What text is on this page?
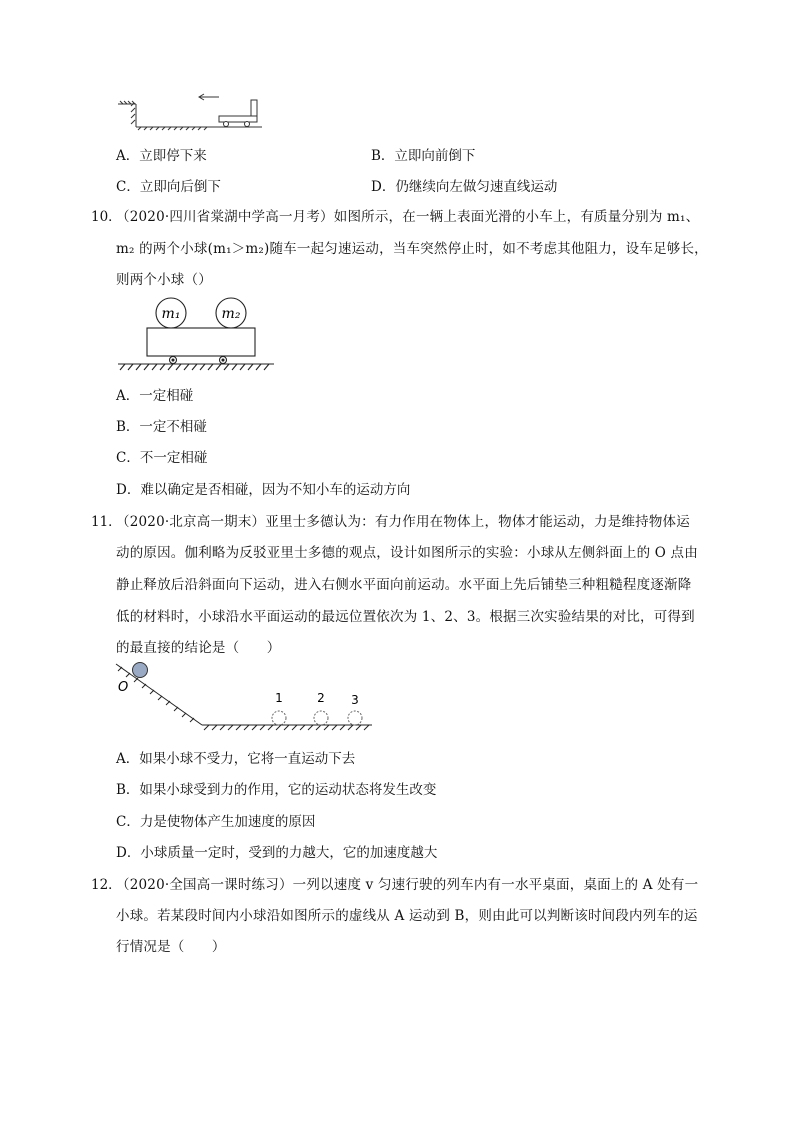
A．立即停下来	B．立即向前倒下
C．立即向后倒下	D．仍继续向左做匀速直线运动
10．
（2020·四川省棠湖中学高一月考）如图所示，在一辆上表面光滑的小车上，有质量分别为 m₁、
m₂ 的两个小球(m₁＞m₂)随车一起匀速运动，当车突然停止时，如不考虑其他阻力，设车足够长，
则两个小球（）
m₁	m₂
A．一定相碰
B．一定不相碰
C．不一定相碰
D．难以确定是否相碰，因为不知小车的运动方向
11．
（2020·北京高一期末）亚里士多德认为：有力作用在物体上，物体才能运动，力是维持物体运
动的原因。伽利略为反驳亚里士多德的观点，设计如图所示的实验：小球从左侧斜面上的 O 点由
静止释放后沿斜面向下运动，进入右侧水平面向前运动。水平面上先后铺垫三种粗糙程度逐渐降
低的材料时，小球沿水平面运动的最远位置依次为 1、2、3。根据三次实验结果的对比，可得到
的最直接的结论是（　　）
O
1	2 3
A．如果小球不受力，它将一直运动下去
B．如果小球受到力的作用，它的运动状态将发生改变
C．力是使物体产生加速度的原因
D．小球质量一定时，受到的力越大，它的加速度越大
12．
（2020·全国高一课时练习）一列以速度 v 匀速行驶的列车内有一水平桌面，桌面上的 A 处有一
小球。若某段时间内小球沿如图所示的虚线从 A 运动到 B，则由此可以判断该时间段内列车的运
行情况是（　　）
